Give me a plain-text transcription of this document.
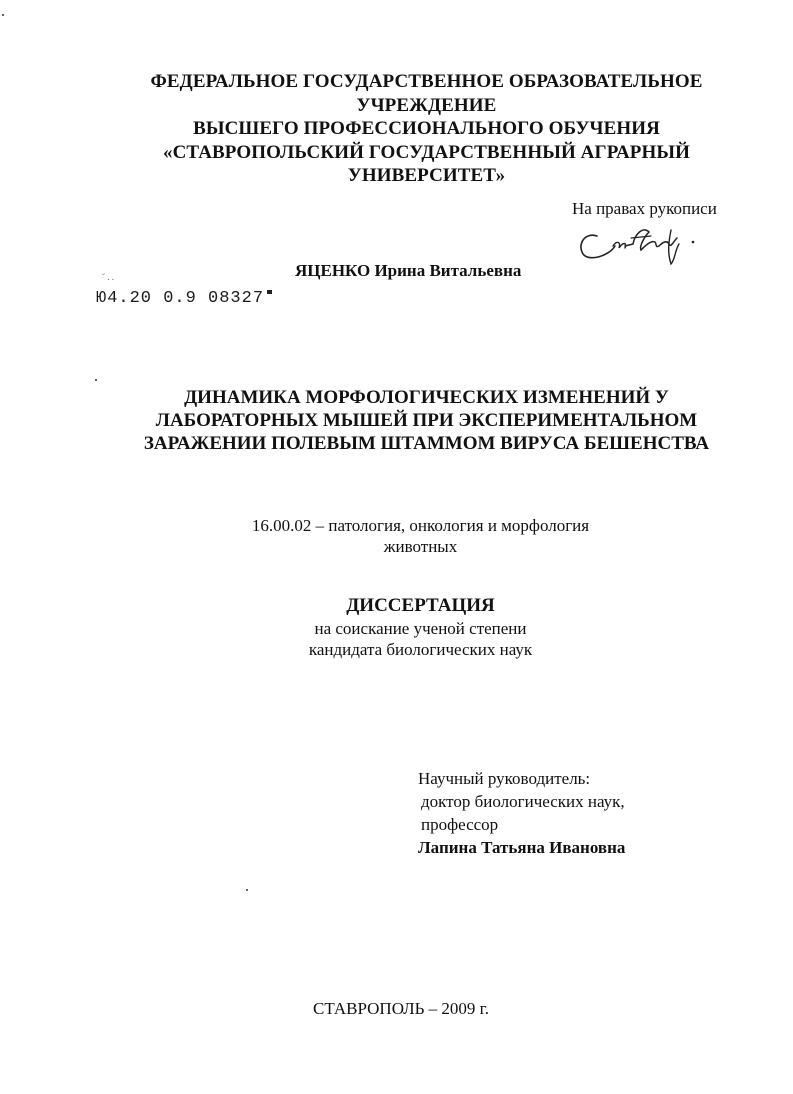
ФЕДЕРАЛЬНОЕ ГОСУДАРСТВЕННОЕ ОБРАЗОВАТЕЛЬНОЕ
УЧРЕЖДЕНИЕ
ВЫСШЕГО ПРОФЕССИОНАЛЬНОГО ОБУЧЕНИЯ
«СТАВРОПОЛЬСКИЙ ГОСУДАРСТВЕННЫЙ АГРАРНЫЙ
УНИВЕРСИТЕТ»
На правах рукописи
ЯЦЕНКО Ирина Витальевна
˘ . .
Ю4.20 0.9 08327
ДИНАМИКА МОРФОЛОГИЧЕСКИХ ИЗМЕНЕНИЙ У
ЛАБОРАТОРНЫХ МЫШЕЙ ПРИ ЭКСПЕРИМЕНТАЛЬНОМ
ЗАРАЖЕНИИ ПОЛЕВЫМ ШТАММОМ ВИРУСА БЕШЕНСТВА
16.00.02 – патология, онкология и морфология
животных
ДИССЕРТАЦИЯ
на соискание ученой степени
кандидата биологических наук
Научный руководитель:
доктор биологических наук,
профессор
Лапина Татьяна Ивановна
СТАВРОПОЛЬ – 2009 г.
